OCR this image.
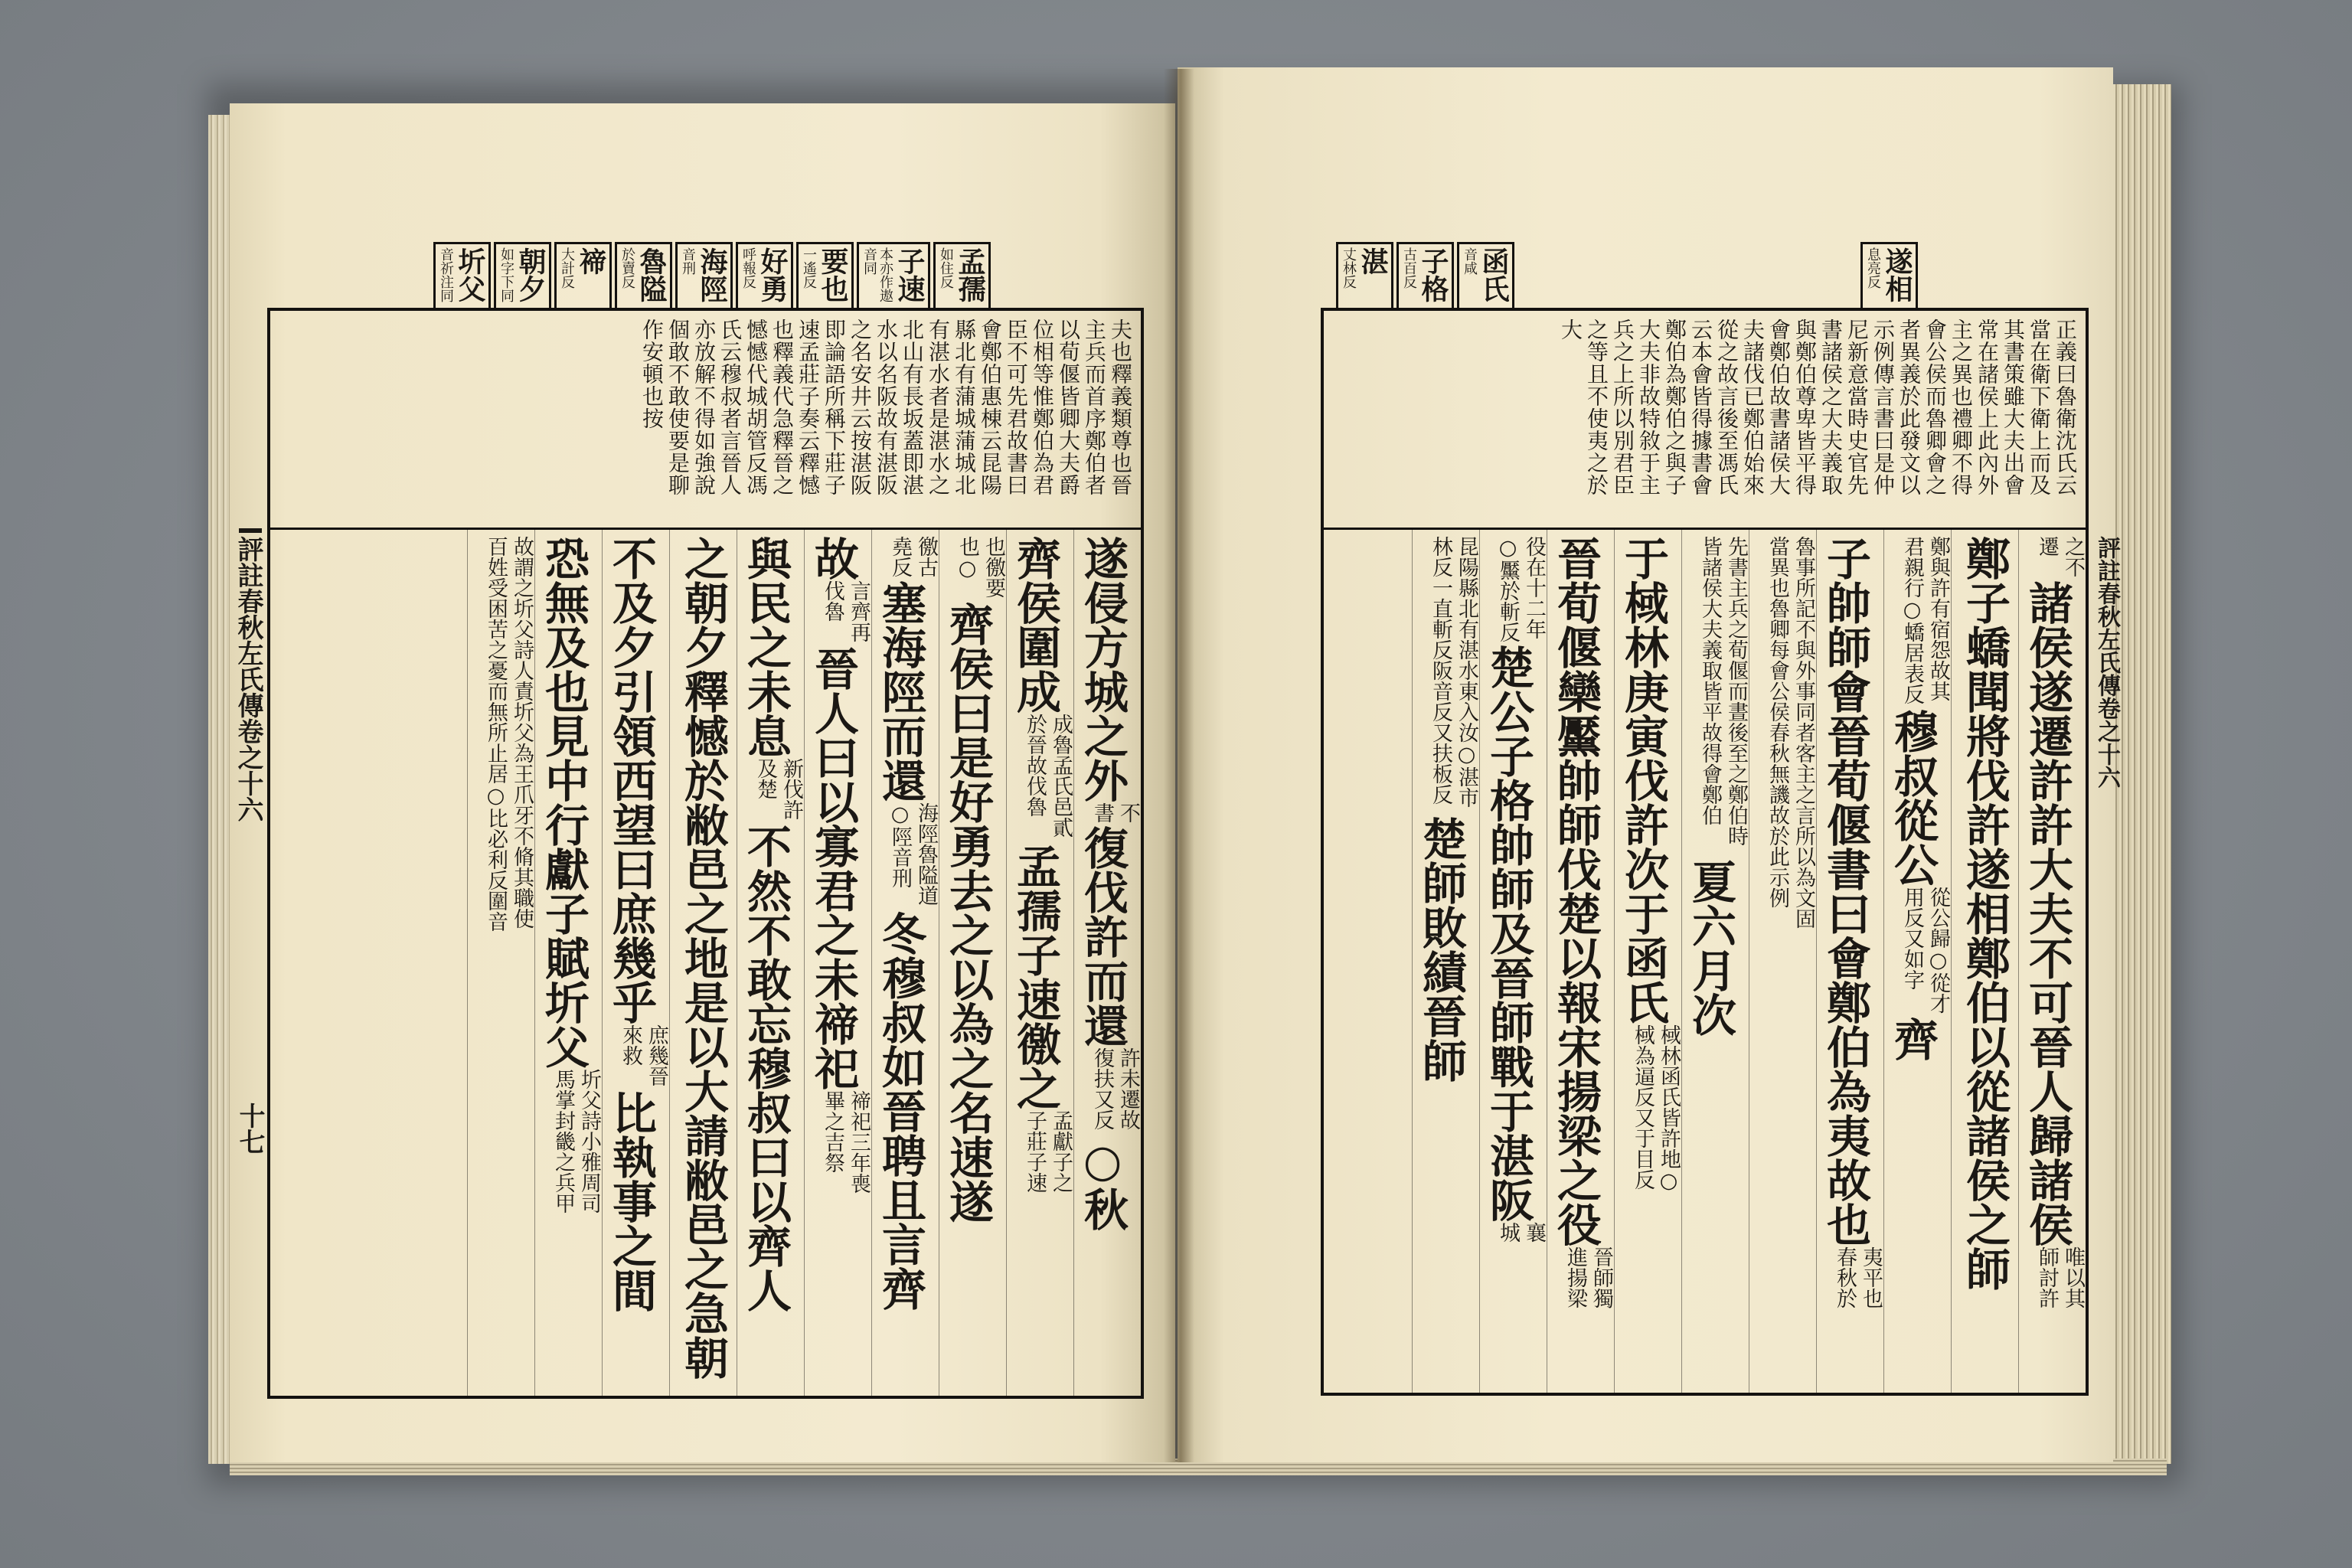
評註春秋左氏傳卷之十六
十七
評註春秋左氏傳卷之十六
孟孺
如住反
子速
本亦作遨音同
要也
一遙反
好勇
呼報反
海陘
音刑
魯隘
於賣反
禘
大計反
朝夕
如字下同
圻父
音祈注同	遂相
息亮反
函氏
音咸
子格
古百反
湛
丈林反
夫也釋義類尊也晉主兵而首序鄭伯者以荀偃皆卿大夫爵位相等惟鄭伯為君臣不可先君故書曰會鄭伯惠棟云昆陽縣北有蒲城蒲城北有湛水者是湛水之北山有長坂蓋即湛水以名阪故有湛阪之名安井云按湛阪即論語所稱下莊子速孟莊子奏云釋憾也釋義代急釋晉之憾憾代城胡管反馮氏云穆叔者言晉人亦放解不得如強說個敢不敢使要是聊作安頓也按
遂侵方城之外不書復伐許而還許未遷故復扶又反○秋
齊侯圍成成魯孟氏邑貳於晉故伐魯孟孺子速徼之孟獻子之子莊子速
也徼要也○齊侯曰是好勇去之以為之名速遂
徼古堯反塞海陘而還海陘魯隘道○陘音刑冬穆叔如晉聘且言齊
故言齊再伐魯晉人曰以寡君之未禘祀禘祀三年喪畢之吉祭
與民之未息新伐許及楚不然不敢忘穆叔曰以齊人
之朝夕釋憾於敝邑之地是以大請敝邑之急朝
不及夕引領西望曰庶幾乎庶幾晉來救比執事之間
恐無及也見中行獻子賦圻父圻父詩小雅周司馬掌封畿之兵甲
故謂之圻父詩人責圻父為王爪牙不脩其職使百姓受困苦之憂而無所止居○比必利反圍音
正義曰魯衛沈氏云當在衛下衛上而及其書策雖大夫出會常在諸侯上此內外主之異也禮卿不得會公侯而魯卿會之者異義於此發文以示例傳言書曰是仲尼新意當時史官先書諸侯之大夫義取與鄭伯尊卑皆平得會鄭伯故書諸侯大夫諸伐已鄭伯始來從之故言後至馮氏云本會皆得據書會鄭伯為鄭伯之與子大夫非故特敘于主兵之上所以別君臣之等且不使夷之於大
之不遷諸侯遂遷許許大夫不可晉人歸諸侯唯以其師討許
鄭子蟜聞將伐許遂相鄭伯以從諸侯之師
鄭與許有宿怨故其君親行○蟜居表反穆叔從公從公歸○從才用反又如字齊
子帥師會晉荀偃書曰會鄭伯為夷故也夷平也春秋於
魯事所記不與外事同者客主之言所以為文固當異也魯卿每會公侯春秋無譏故於此示例
先書主兵之荀偃而晝後至之鄭伯時皆諸侯大夫義取皆平故得會鄭伯夏六月次
于棫林庚寅伐許次于函氏棫林函氏皆許地○棫為逼反又于目反
晉荀偃欒黶帥師伐楚以報宋揚梁之役晉師獨進揚梁
役在十二年○黶於斬反楚公子格帥師及晉師戰于湛阪襄城
昆陽縣北有湛水東入汝○湛市林反一直斬反阪音反又扶板反楚師敗績晉師
